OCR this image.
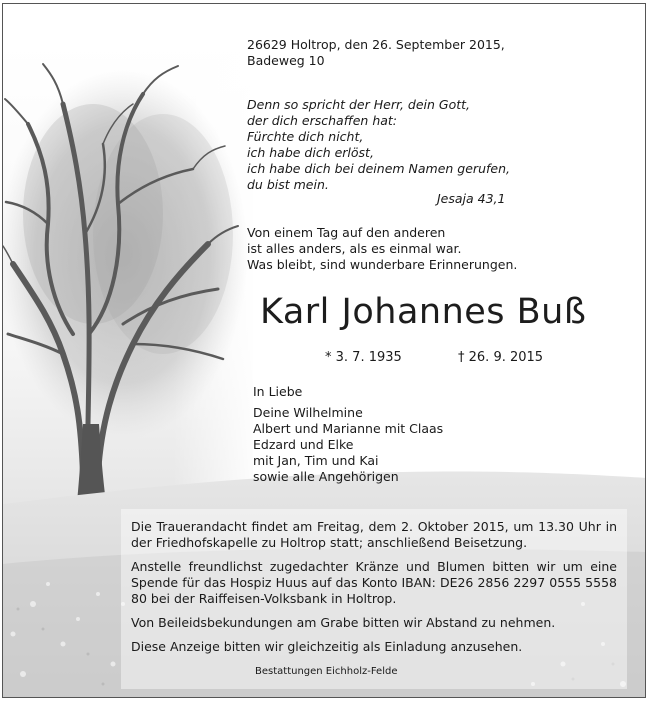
26629 Holtrop, den 26. September 2015,
Badeweg 10
Denn so spricht der Herr, dein Gott,
der dich erschaffen hat:
Fürchte dich nicht,
ich habe dich erlöst,
ich habe dich bei deinem Namen gerufen,
du bist mein.
Jesaja 43,1
Von einem Tag auf den anderen
ist alles anders, als es einmal war.
Was bleibt, sind wunderbare Erinnerungen.
Karl Johannes Buß
* 3. 7. 1935	† 26. 9. 2015
In Liebe
Deine Wilhelmine
Albert und Marianne mit Claas
Edzard und Elke
mit Jan, Tim und Kai
sowie alle Angehörigen
Die Trauerandacht findet am Freitag, dem 2. Oktober 2015, um 13.30 Uhr in der Friedhofskapelle zu Holtrop statt; anschließend Beisetzung.
Anstelle freundlichst zugedachter Kränze und Blumen bitten wir um eine Spende für das Hospiz Huus auf das Konto IBAN: DE26 2856 2297 0555 5558 80 bei der Raiffeisen-Volksbank in Holtrop.
Von Beileidsbekundungen am Grabe bitten wir Abstand zu nehmen.
Diese Anzeige bitten wir gleichzeitig als Einladung anzusehen.
Bestattungen Eichholz-Felde
